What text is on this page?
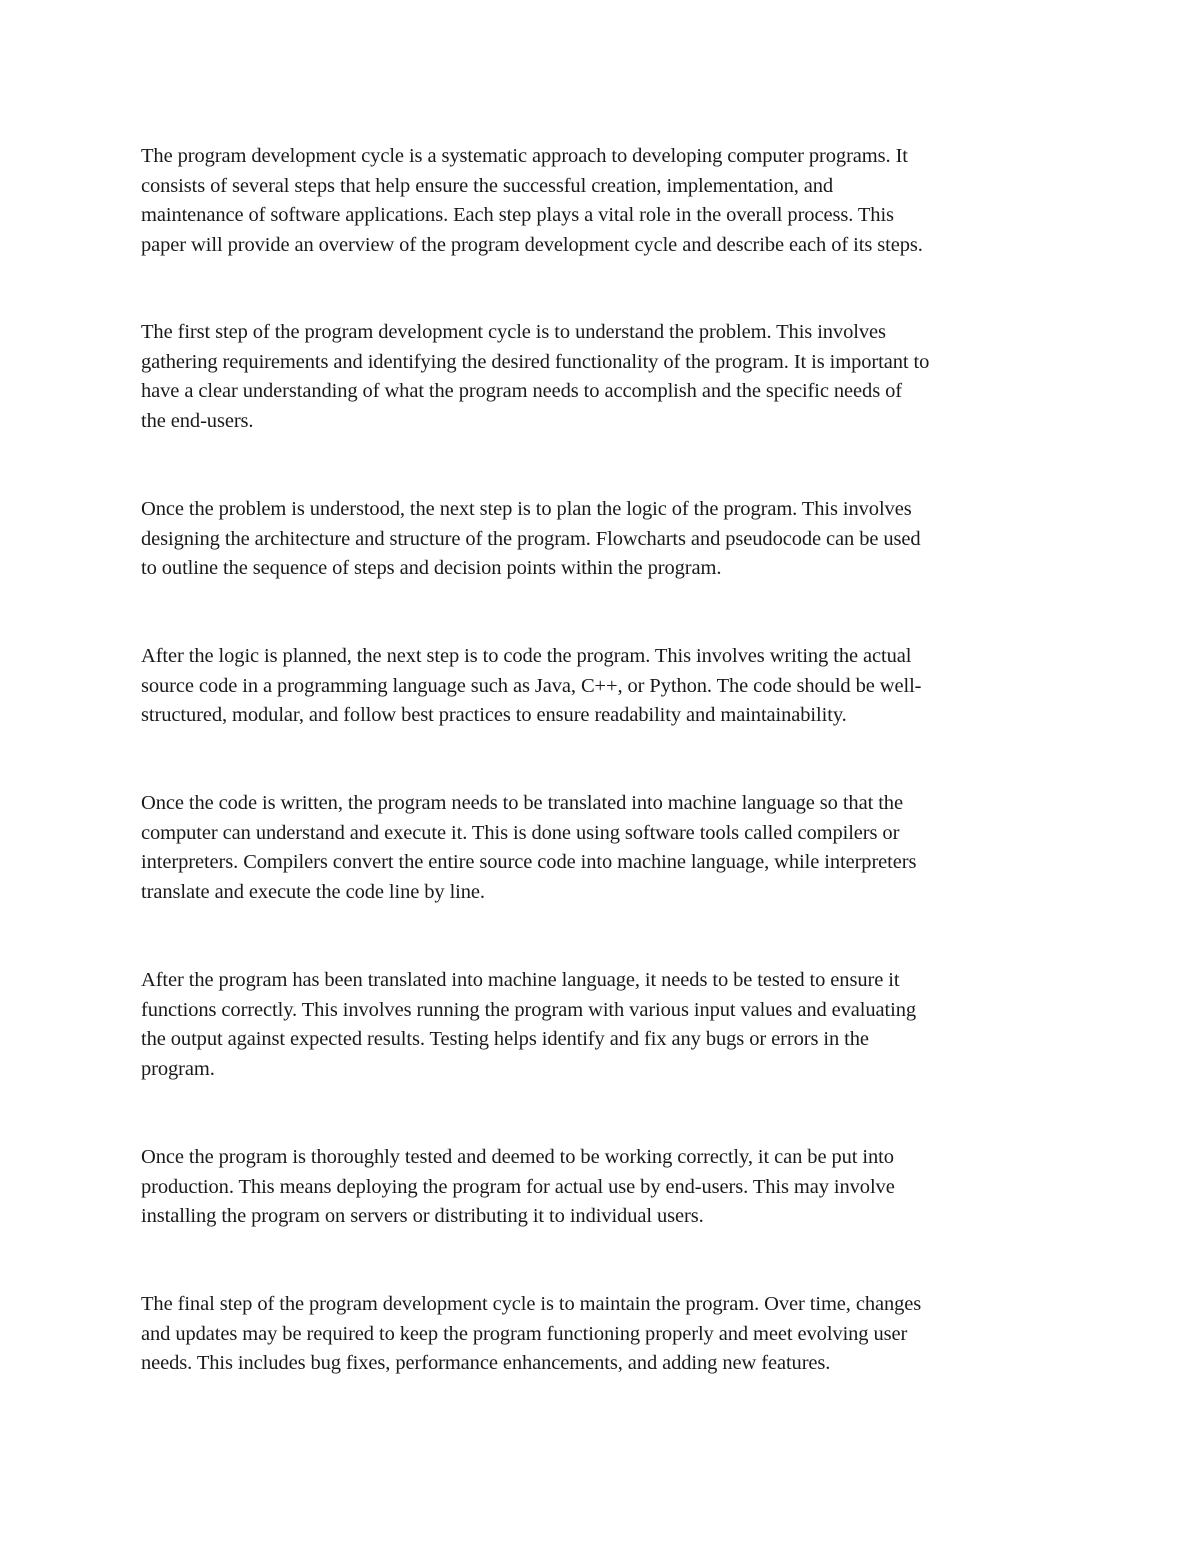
The program development cycle is a systematic approach to developing computer programs. It
consists of several steps that help ensure the successful creation, implementation, and
maintenance of software applications. Each step plays a vital role in the overall process. This
paper will provide an overview of the program development cycle and describe each of its steps.

The first step of the program development cycle is to understand the problem. This involves
gathering requirements and identifying the desired functionality of the program. It is important to
have a clear understanding of what the program needs to accomplish and the specific needs of
the end-users.

Once the problem is understood, the next step is to plan the logic of the program. This involves
designing the architecture and structure of the program. Flowcharts and pseudocode can be used
to outline the sequence of steps and decision points within the program.

After the logic is planned, the next step is to code the program. This involves writing the actual
source code in a programming language such as Java, C++, or Python. The code should be well-
structured, modular, and follow best practices to ensure readability and maintainability.

Once the code is written, the program needs to be translated into machine language so that the
computer can understand and execute it. This is done using software tools called compilers or
interpreters. Compilers convert the entire source code into machine language, while interpreters
translate and execute the code line by line.

After the program has been translated into machine language, it needs to be tested to ensure it
functions correctly. This involves running the program with various input values and evaluating
the output against expected results. Testing helps identify and fix any bugs or errors in the
program.

Once the program is thoroughly tested and deemed to be working correctly, it can be put into
production. This means deploying the program for actual use by end-users. This may involve
installing the program on servers or distributing it to individual users.

The final step of the program development cycle is to maintain the program. Over time, changes
and updates may be required to keep the program functioning properly and meet evolving user
needs. This includes bug fixes, performance enhancements, and adding new features.
